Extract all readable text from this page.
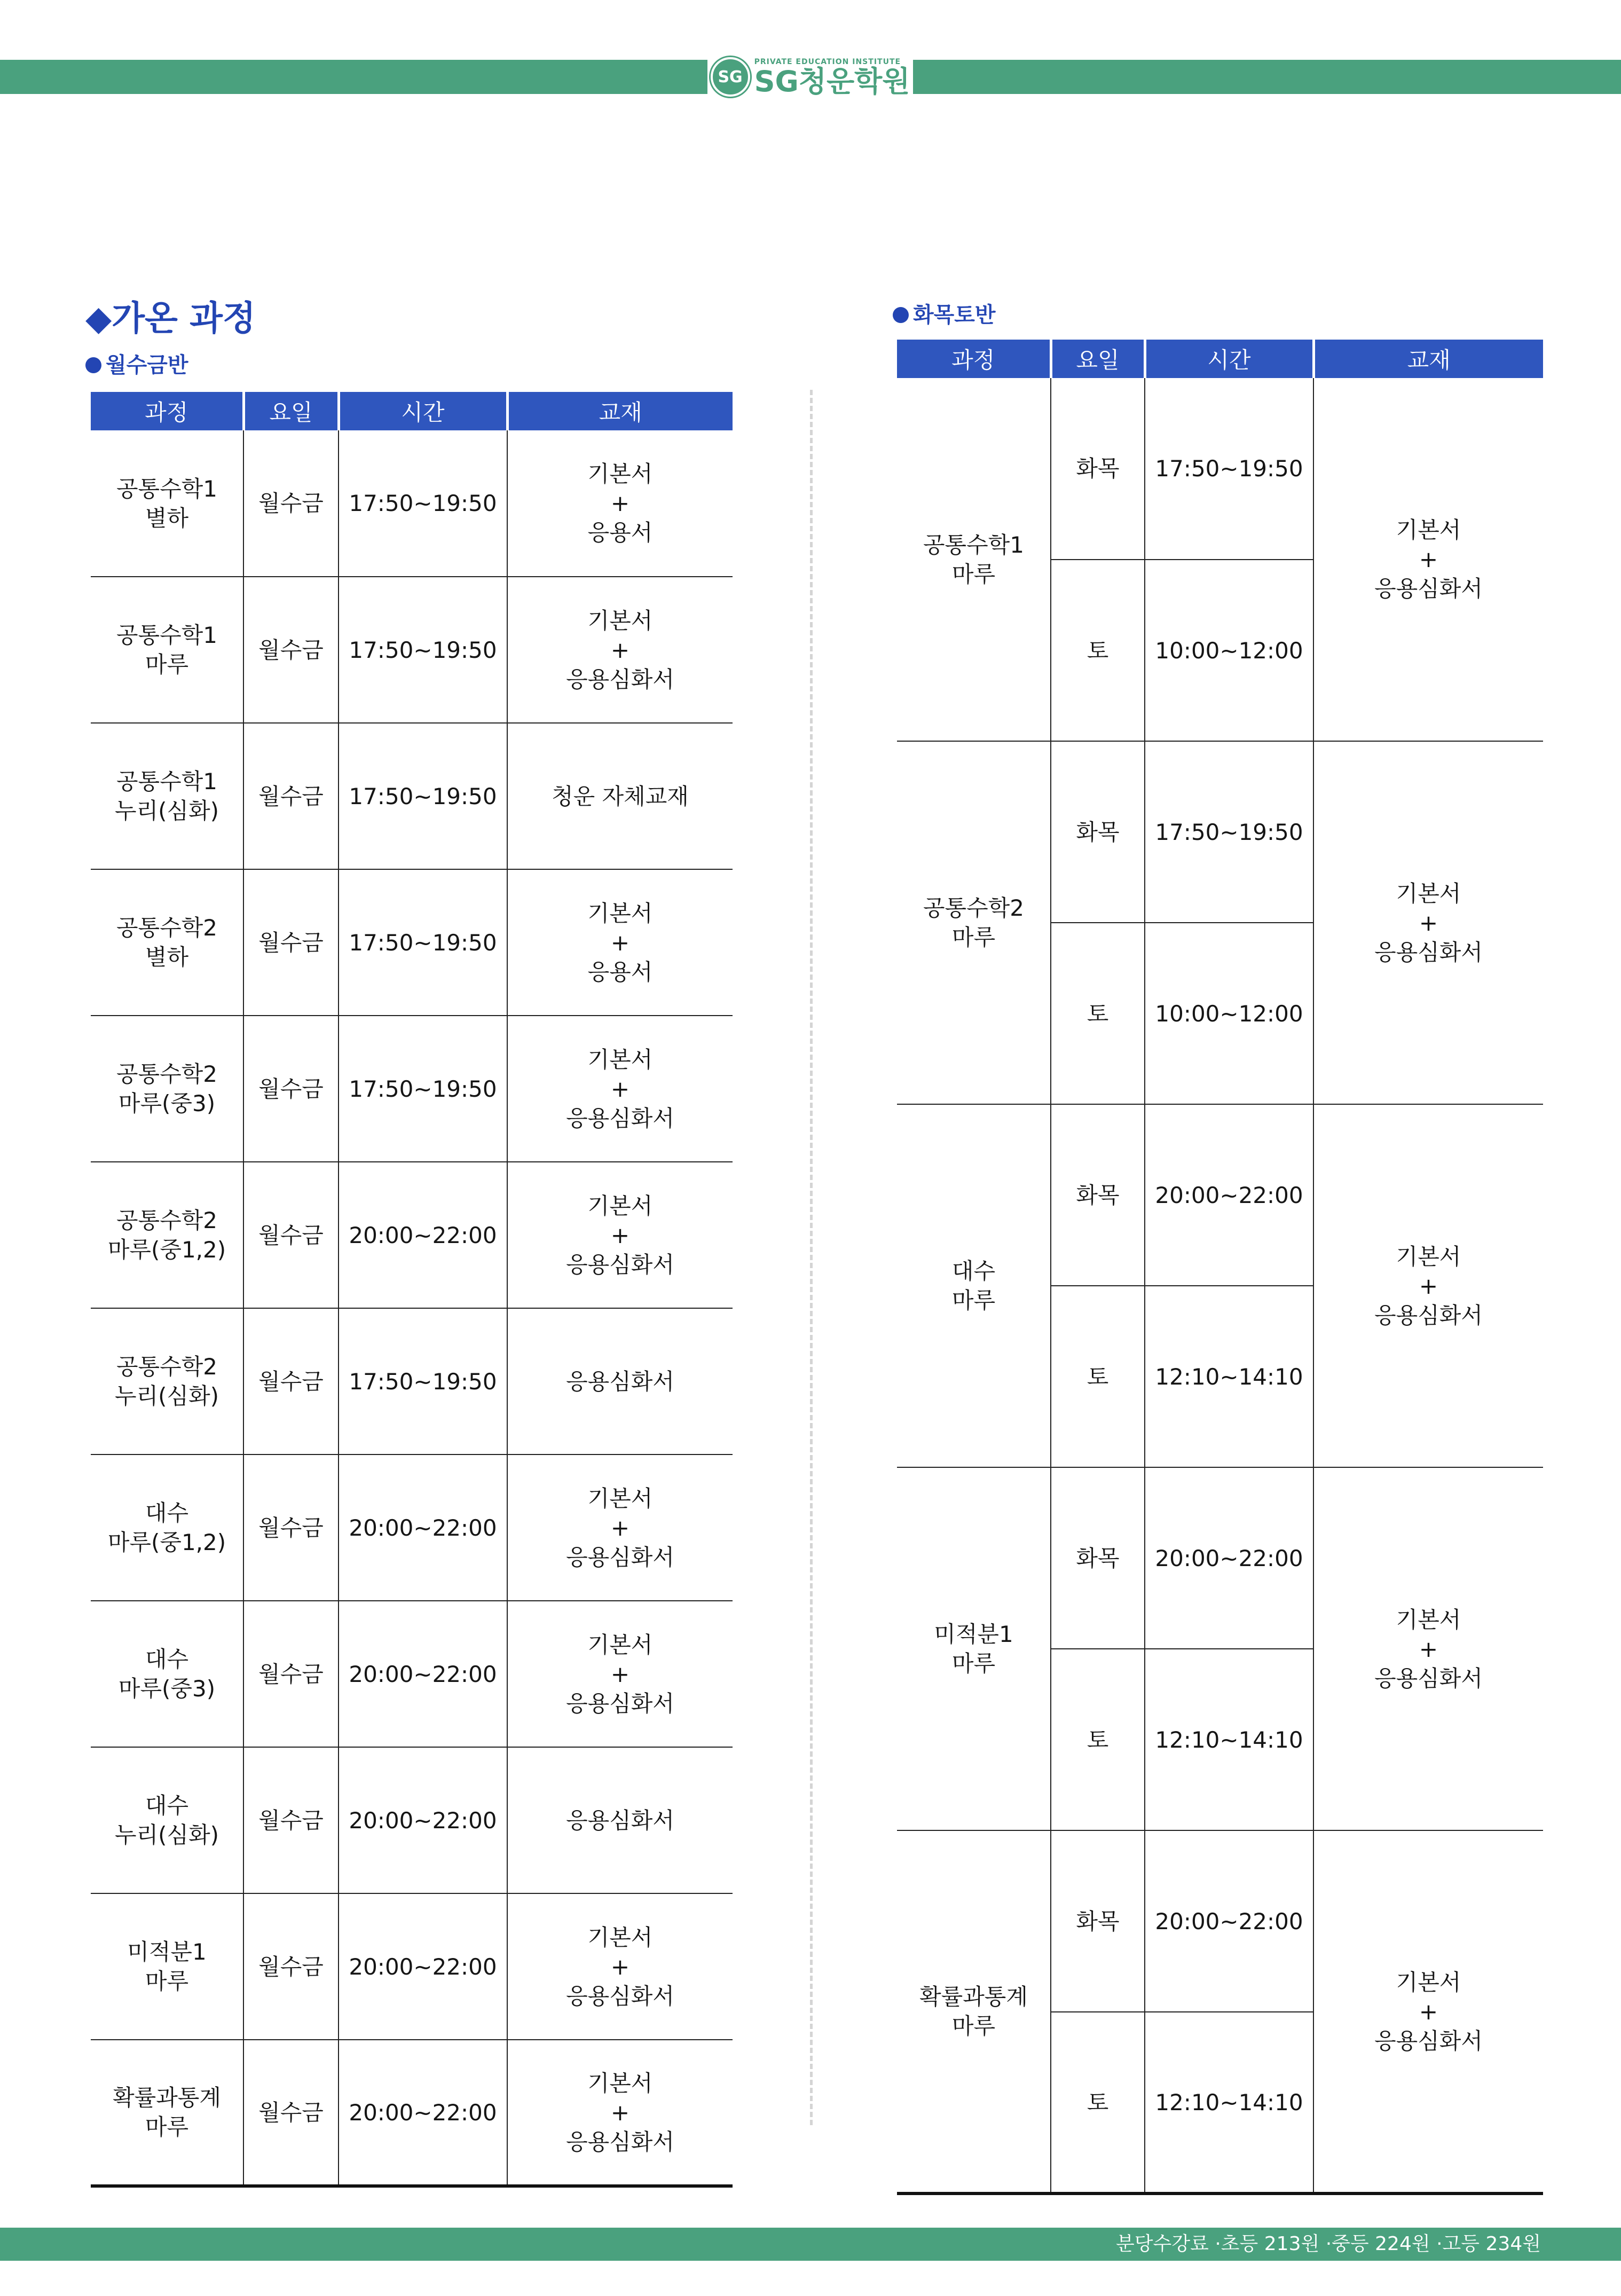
SG
PRIVATE EDUCATION INSTITUTE
SG청운학원
◆가온 과정
월수금반
화목토반
과정	요일	시간	교재
공통수학1
별하	월수금	17:50~19:50	기본서
+
응용서
공통수학1
마루	월수금	17:50~19:50	기본서
+
응용심화서
공통수학1
누리(심화)	월수금	17:50~19:50	청운 자체교재
공통수학2
별하	월수금	17:50~19:50	기본서
+
응용서
공통수학2
마루(중3)	월수금	17:50~19:50	기본서
+
응용심화서
공통수학2
마루(중1,2)	월수금	20:00~22:00	기본서
+
응용심화서
공통수학2
누리(심화)	월수금	17:50~19:50	응용심화서
대수
마루(중1,2)	월수금	20:00~22:00	기본서
+
응용심화서
대수
마루(중3)	월수금	20:00~22:00	기본서
+
응용심화서
대수
누리(심화)	월수금	20:00~22:00	응용심화서
미적분1
마루	월수금	20:00~22:00	기본서
+
응용심화서
확률과통계
마루	월수금	20:00~22:00	기본서
+
응용심화서
과정	요일	시간	교재
공통수학1
마루	화목	17:50~19:50	기본서
+
응용심화서
	토	10:00~12:00	
공통수학2
마루	화목	17:50~19:50	기본서
+
응용심화서
	토	10:00~12:00	
대수
마루	화목	20:00~22:00	기본서
+
응용심화서
	토	12:10~14:10	
미적분1
마루	화목	20:00~22:00	기본서
+
응용심화서
	토	12:10~14:10	
확률과통계
마루	화목	20:00~22:00	기본서
+
응용심화서
	토	12:10~14:10	
분당수강료 ·초등 213원 ·중등 224원 ·고등 234원
